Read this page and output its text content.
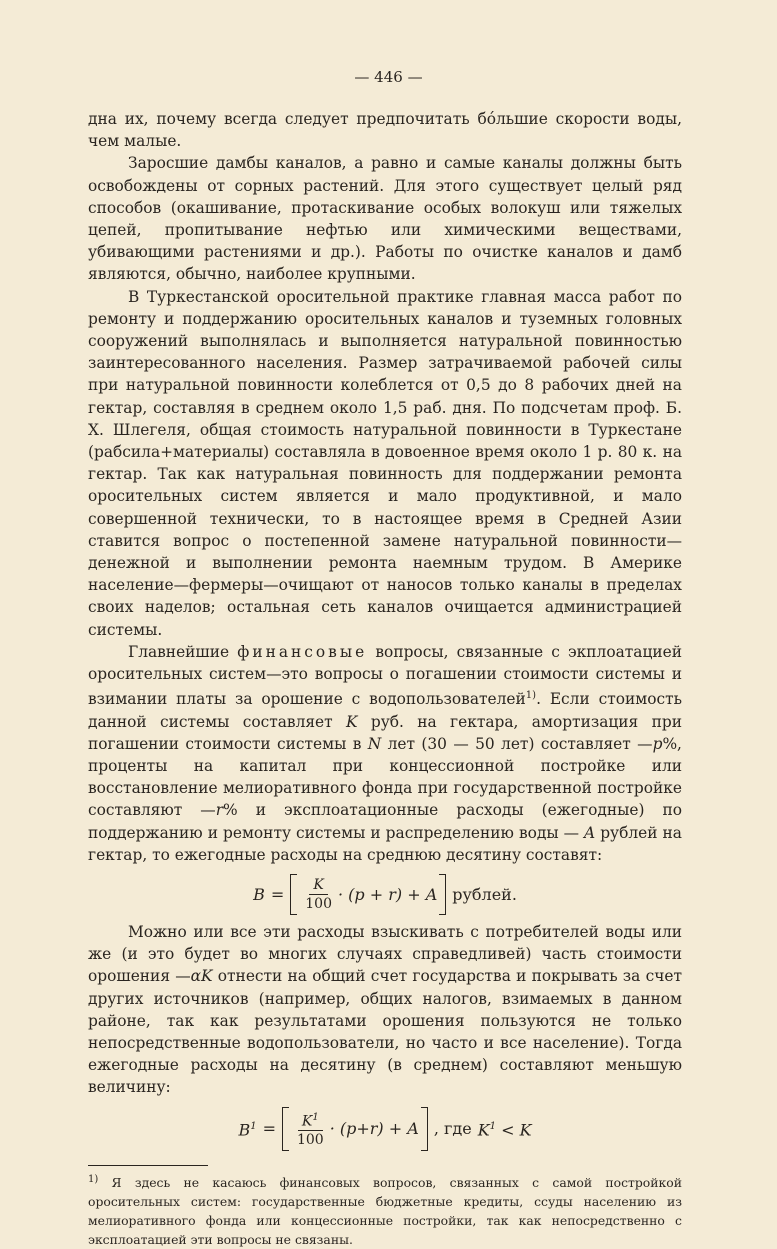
— 446 —

дна их, почему всегда следует предпочитать бо́льшие скорости воды, чем малые.

Заросшие дамбы каналов, а равно и самые каналы должны быть освобождены от сорных растений. Для этого существует целый ряд способов (окашивание, протаскивание особых волокуш или тяжелых цепей, пропитывание нефтью или химическими веществами, убивающими растениями и др.). Работы по очистке каналов и дамб являются, обычно, наиболее крупными.

В Туркестанской оросительной практике главная масса работ по ремонту и поддержанию оросительных каналов и туземных головных сооружений выполнялась и выполняется натуральной повинностью заинтересованного населения. Размер затрачиваемой рабочей силы при натуральной повинности колеблется от 0,5 до 8 рабочих дней на гектар, составляя в среднем около 1,5 раб. дня. По подсчетам проф. Б. Х. Шлегеля, общая стоимость натуральной повинности в Туркестане (рабсила+материалы) составляла в довоенное время около 1 р. 80 к. на гектар. Так как натуральная повинность для поддержании ремонта оросительных систем является и мало продуктивной, и мало совершенной технически, то в настоящее время в Средней Азии ставится вопрос о постепенной замене натуральной повинности—денежной и выполнении ремонта наемным трудом. В Америке население—фермеры—очищают от наносов только каналы в пределах своих наделов; остальная сеть каналов очищается администрацией системы.

Главнейшие финансовые вопросы, связанные с экплоатацией оросительных систем—это вопросы о погашении стоимости системы и взимании платы за орошение с водопользователей$^{1)}$. Если стоимость данной системы составляет K руб. на гектара, амортизация при погашении стоимости системы в N лет (30 — 50 лет) составляет —p%, проценты на капитал при концессионной постройке или восстановление мелиоративного фонда при государственной постройке составляют —r% и эксплоатационные расходы (ежегодные) по поддержанию и ремонту системы и распределению воды — A рублей на гектар, то ежегодные расходы на среднюю десятину составят:

$B = \frac{K}{100} \cdot (p + r) + A$ рублей.

Можно или все эти расходы взыскивать с потребителей воды или же (и это будет во многих случаях справедливей) часть стоимости орошения —αK отнести на общий счет государства и покрывать за счет других источников (например, общих налогов, взимаемых в данном районе, так как результатами орошения пользуются не только непосредственные водопользователи, но часто и все население). Тогда ежегодные расходы на десятину (в среднем) составляют меньшую величину:

$B^1 = \frac{K^1}{100} \cdot (p+r) + A$ , где $K^1 < K$

$^{1)}$ Я здесь не касаюсь финансовых вопросов, связанных с самой постройкой оросительных систем: государственные бюджетные кредиты, ссуды населению из мелиоративного фонда или концессионные постройки, так как непосредственно с эксплоатацией эти вопросы не связаны.
